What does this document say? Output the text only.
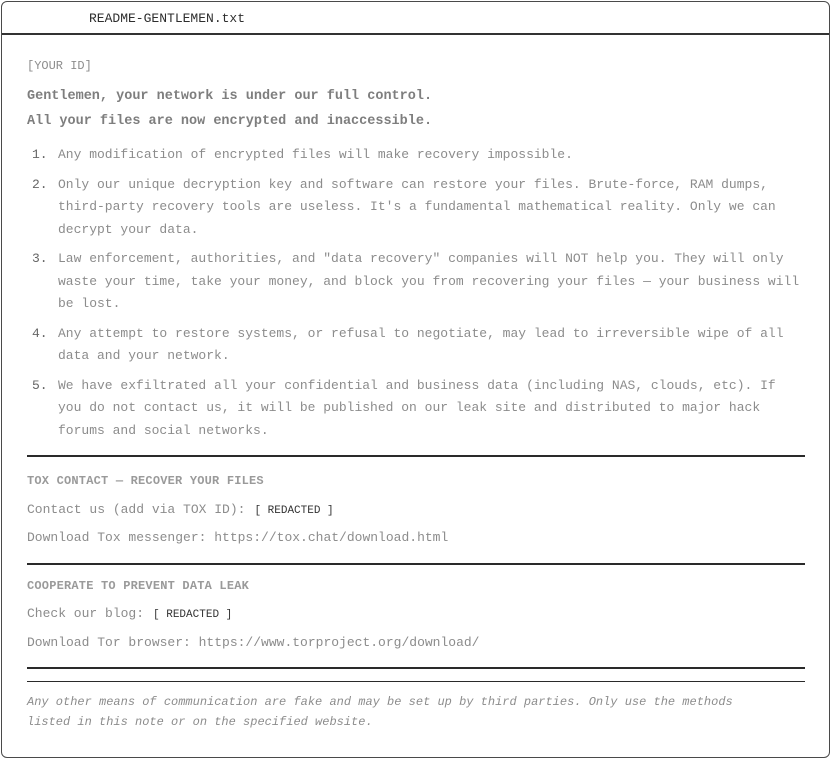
README-GENTLEMEN.txt
[YOUR ID]
Gentlemen, your network is under our full control.
All your files are now encrypted and inaccessible.
1. Any modification of encrypted files will make recovery impossible.
2. Only our unique decryption key and software can restore your files. Brute-force, RAM dumps, third-party recovery tools are useless. It's a fundamental mathematical reality. Only we can decrypt your data.
3. Law enforcement, authorities, and "data recovery" companies will NOT help you. They will only waste your time, take your money, and block you from recovering your files — your business will be lost.
4. Any attempt to restore systems, or refusal to negotiate, may lead to irreversible wipe of all data and your network.
5. We have exfiltrated all your confidential and business data (including NAS, clouds, etc). If you do not contact us, it will be published on our leak site and distributed to major hack forums and social networks.
TOX CONTACT — RECOVER YOUR FILES
Contact us (add via TOX ID): [ REDACTED ]
Download Tox messenger: https://tox.chat/download.html
COOPERATE TO PREVENT DATA LEAK
Check our blog: [ REDACTED ]
Download Tor browser: https://www.torproject.org/download/
Any other means of communication are fake and may be set up by third parties. Only use the methods
listed in this note or on the specified website.
